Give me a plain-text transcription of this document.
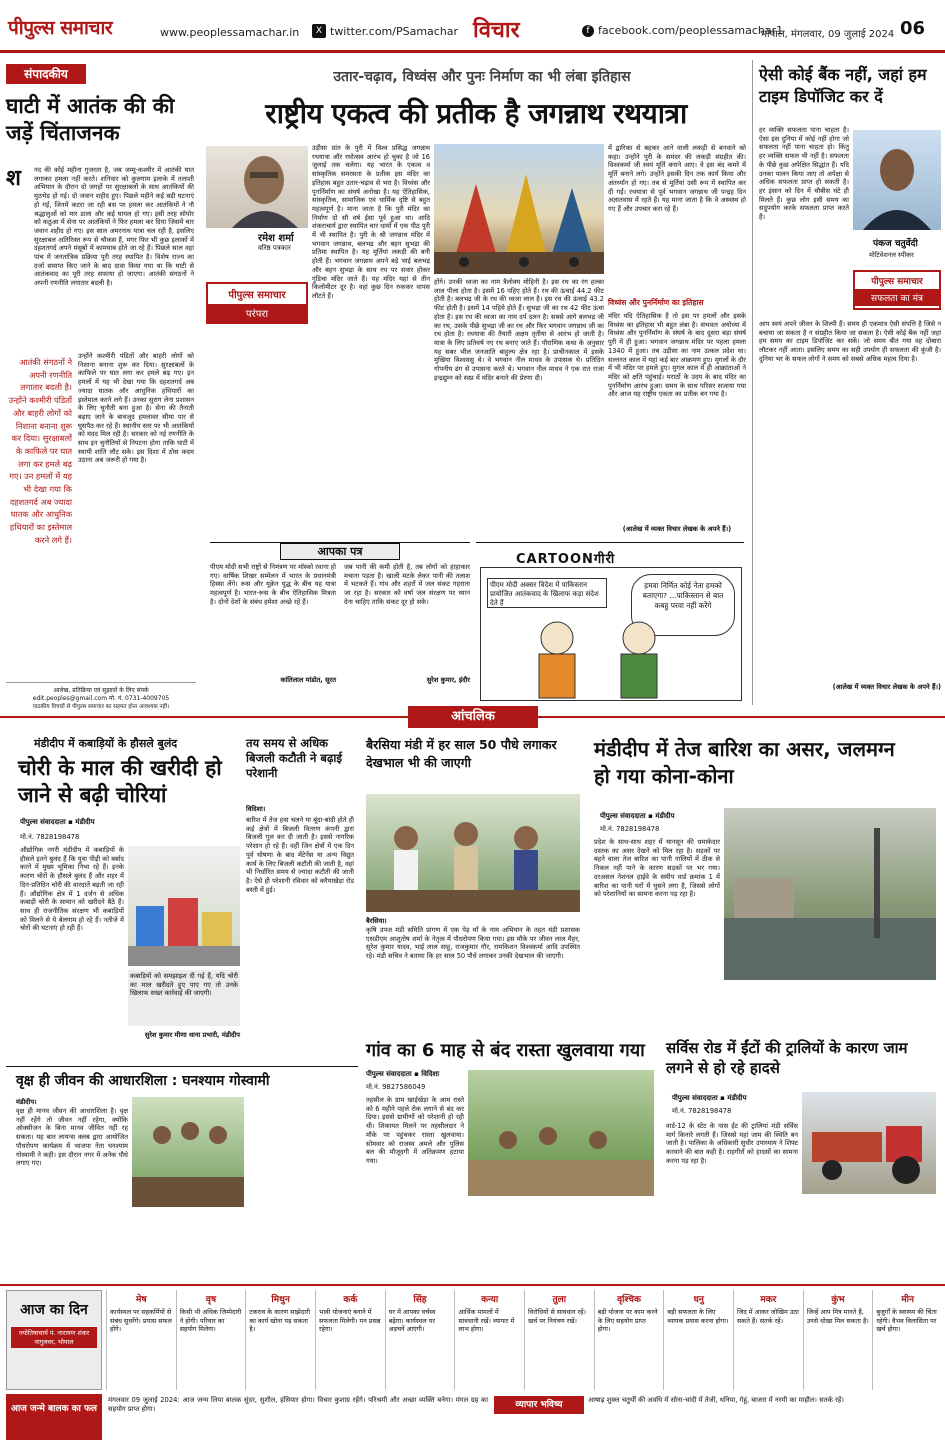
पीपुल्स समाचार	www.peoplessamachar.in	X twitter.com/PSamachar विचार	f facebook.com/peoplessamachar1
भोपाल, मंगलवार, 09 जुलाई 2024 06
संपादकीय
घाटी में आतंक की की जड़ें चिंताजनक
श नद की कोई महीना गुजरता है, जब जम्मू-कश्मीर में आतंकी घात लगाकर हमला नहीं करते। शनिवार को कुलगाम इलाके में तलाशी अभियान के दौरान दो जगहों पर सुरक्षाबलों के साथ आतंकियों की मुठभेड़ हो गई। दो जवान शहीद हुए। पिछले महीने कई बड़ी घटनाएं हो गईं, जिनमें कटरा जा रही बस पर हमला कर आतंकियों ने नौ श्रद्धालुओं को मार डाला और कई घायल हो गए। इसी तरह सोपोर को कठुआ में सेना पर आतंकियों ने फिर हमला कर दिया जिसमें चार जवान शहीद हो गए। इस साल अमरनाथ यात्रा चल रही है, इसलिए सुरक्षाबल अतिरिक्त रूप से चौकस हैं, मगर फिर भी कुछ इलाकों में दहशतगर्द अपने मंसूबों में कामयाब होते जा रहे हैं। पिछले साल वहां पांच में जनतांत्रिक प्रक्रिया पूरी तरह स्थापित है। विशेष राज्य का दर्जा समाप्त किए जाने के बाद दावा किया गया था कि घाटी से आतंकवाद का पूरी तरह सफाया हो जाएगा। आतंकी संगठनों ने अपनी रणनीति लगातार बदली है।
आतंकी संगठनों ने अपनी रणनीति लगातार बदली है। उन्होंने कश्मीरी पंडितों और बाहरी लोगों को निशाना बनाना शुरू कर दिया। सुरक्षाबलों के काफिले पर घात लगा कर हमले बढ़ गए। उन हमलों में यह भी देखा गया कि दहशतगर्द अब ज्यादा घातक और आधुनिक हथियारों का इस्तेमाल करने लगे हैं।
उन्होंने कश्मीरी पंडितों और बाहरी लोगों को निशाना बनाना शुरू कर दिया। सुरक्षाबलों के काफिले पर घात लगा कर हमले बढ़ गए। इन हमलों में यह भी देखा गया कि दहशतगर्द अब ज्यादा घातक और आधुनिक हथियारों का इस्तेमाल करने लगे हैं। उनका सुराग लेना प्रशासन के लिए चुनौती बना हुआ है। सेना की तैनाती बढ़ाए जाने के बावजूद हमलावर सीमा पार से घुसपैठ कर रहे हैं। स्थानीय स्तर पर भी आतंकियों को मदद मिल रही है। सरकार को नई रणनीति के साथ इन चुनौतियों से निपटना होगा ताकि घाटी में स्थायी शांति लौट सके। इस दिशा में ठोस कदम उठाना अब जरूरी हो गया है।
आलेख, प्रतिक्रिया एवं सुझावों के लिए संपर्क
edit.peoples@gmail.com मो. नं. 0731-4009705
पाठकीय विचारों से पीपुल्स समाचार का सहमत होना आवश्यक नहीं।
उतार-चढ़ाव, विध्वंस और पुनः निर्माण का भी लंबा इतिहास
राष्ट्रीय एकत्व की प्रतीक है जगन्नाथ रथयात्रा
रमेश शर्मा
वरिष्ठ पत्रकार
पीपुल्स समाचार
परंपरा
उड़ीसा प्रांत के पुरी में विश्व प्रसिद्ध जगन्नाथ रथयात्रा और रथोत्सव आरंभ हो चुका है जो 16 जुलाई तक चलेगा। यह भारत के एकत्व व सांस्कृतिक समरसता के प्रतीक इस मंदिर का इतिहास बहुत उतार-चढ़ाव से भरा है। विध्वंस और पुनर्निर्माण का संघर्ष अनोखा है। यह ऐतिहासिक, सांस्कृतिक, सामाजिक एवं धार्मिक दृष्टि से बहुत महत्वपूर्ण है। माना जाता है कि पुरी मंदिर का निर्माण दो सौ वर्ष ईसा पूर्व हुआ था। आदि शंकराचार्य द्वारा स्थापित चार धामों में एक पीठ पुरी में भी स्थापित है। पुरी के श्री जगन्नाथ मंदिर में भगवान जगन्नाथ, बलभद्र और बहन सुभद्रा की प्रतिमा स्थापित है। यह मूर्तियां लकड़ी की बनी होती हैं। भगवान जगन्नाथ अपने बड़े भाई बलभद्र और बहन सुभद्रा के साथ रथ पर सवार होकर गुंडिचा मंदिर जाते हैं। यह मंदिर यहां से तीन किलोमीटर दूर है। वहां कुछ दिन रुककर वापस लौटते हैं।
होंगे। उनकी ध्वजा का नाम त्रैलोक्य मोहिनी है। इस रथ का रंग हल्का लाल पीला होता है। इसमें 16 पहिए होते हैं। रथ की ऊंचाई 44.2 फीट होती है। बलभद्र जी के रथ की ध्वजा लाल है। इस रथ की ऊंचाई 43.2 फीट होती है। इसमें 14 पहिये होते हैं। सुभद्रा जी का रथ 42 फीट ऊंचा होता है। इस रथ की ध्वजा का नाम दर्प दलन है। सबसे आगे बलभद्र जी का रथ, उसके पीछे सुभद्रा जी का रथ और फिर भगवान जगन्नाथ जी का रथ होता है। रथयात्रा की तैयारी अक्षय तृतीया से आरंभ हो जाती है। यात्रा के लिए प्रतिवर्ष नए रथ बनाए जाते हैं। पौराणिक कथा के अनुसार यह सबर भील जनजाति बाहुल्य क्षेत्र रहा है। प्राचीनकाल में इसके मुखिया विश्ववसु थे। वे भगवान नील माधव के उपासक थे। प्रतिदिन गोपनीय ढंग से उपासना करते थे। भगवान नील माधव ने एक रात राजा इन्द्रद्युम्न को स्वप्न में मंदिर बनाने की प्रेरणा दी।
में द्वारिका से बहकर आने वाली लकड़ी से बनवाने को कहा। उन्होंने पुरी के समंदर की लकड़ी संग्रहीत की। विश्वकर्मा जी स्वयं मूर्ति बनाने आए। वे इस बंद कमरे में मूर्ति बनाने लगे। उन्होंने इसकी दिन तक कार्य किया और अंतर्ध्यान हो गए। तब से मूर्तियां उसी रूप में स्थापित कर दी गईं। रथयात्रा से पूर्व भगवान जगन्नाथ जी पन्द्रह दिन अज्ञातवास में रहते हैं। यह माना जाता है कि वे अस्वस्थ हो गए हैं और उपचार करा रहे हैं।
विध्वंस और पुनर्निर्माण का इतिहास
मंदिर यदि ऐतिहासिक है तो इस पर हमलों और इसके विध्वंस का इतिहास भी बहुत लंबा है। संभवतः अयोध्या में विध्वंस और पुनर्निर्माण के संघर्ष के बाद दूसरा बड़ा संघर्ष पुरी में ही हुआ। भगवान जगन्नाथ मंदिर पर पहला हमला 1340 में हुआ। तब उड़ीसा का नाम उत्कल प्रदेश था। सल्तनत काल में यहां कई बार आक्रमण हुए। मुगलों के दौर में भी मंदिर पर हमले हुए। मुगल काल में ही आक्रांताओं ने मंदिर को क्षति पहुंचाई। मराठों के उदय के बाद मंदिर का पुनर्निर्माण आरंभ हुआ। समय के साथ परिसर सजाया गया और आज यह राष्ट्रीय एकता का प्रतीक बन गया है।
(आलेख में व्यक्त विचार लेखक के अपने हैं।)
आपका पत्र
पीएम मोदी सभी राष्ट्रों से निमंत्रण पर मॉस्को रवाना हो गए। वार्षिक शिखर सम्मेलन में भारत के प्रधानमंत्री हिस्सा लेंगे। रूस और यूक्रेन युद्ध के बीच यह यात्रा महत्वपूर्ण है। भारत-रूस के बीच ऐतिहासिक मित्रता है। दोनों देशों के संबंध हमेशा अच्छे रहे हैं।
कांतिलाल मांडोत, सूरत
जब पानी की कमी होती है, तब लोगों को हाहाकार मचाना पड़ता है। खाली मटके लेकर पानी की तलाश में भटकते हैं। गांव और शहरों में जल संकट गहराता जा रहा है। सरकार को वर्षा जल संरक्षण पर ध्यान देना चाहिए ताकि संकट दूर हो सके।
सुरेश कुमार, इंदौर
CARTOONगीरी
पीएम मोदी अक्सर विदेश में पाकिस्तान प्रायोजित आतंकवाद के खिलाफ कड़ा संदेश देते हैं
हमवा निर्मित कोई नेता हमको बताएगा? ...पाकिस्तान से बात कबहु परवा नहीं करेंगे
ऐसी कोई बैंक नहीं, जहां हम टाइम डिपॉजिट कर दें
हर व्यक्ति सफलता पाना चाहता है। ऐसा इस दुनिया में कोई नहीं होगा जो सफलता नहीं पाना चाहता हो। किंतु हर व्यक्ति सफल भी नहीं है। सफलता के पीछे कुछ अपेक्षित सिद्धांत हैं। यदि उनका पालन किया जाए तो अपेक्षा से अधिक सफलता प्राप्त हो सकती है। हर इंसान को दिन में चौबीस घंटे ही मिलते हैं। कुछ लोग इसी समय का सदुपयोग करके सफलता प्राप्त करते हैं।
पंकज चतुर्वेदी
मोटिवेशनल स्पीकर
पीपुल्स समाचार
सफलता का मंत्र
आप स्वयं अपने जीवन के शिल्पी हैं। समय ही एकमात्र ऐसी संपत्ति है जिसे न बचाया जा सकता है न संग्रहीत किया जा सकता है। ऐसी कोई बैंक नहीं जहां हम समय का टाइम डिपॉजिट कर सकें। जो समय बीत गया वह दोबारा लौटकर नहीं आता। इसलिए समय का सही उपयोग ही सफलता की कुंजी है। दुनिया भर के सफल लोगों ने समय को सबसे अधिक महत्व दिया है।
(आलेख में व्यक्त विचार लेखक के अपने हैं।)
आंचलिक
मंडीदीप में कबाड़ियों के हौसले बुलंद
चोरी के माल की खरीदी हो जाने से बढ़ी चोरियां
पीपुल्स संवाददाता ▪ मंडीदीप
मो.नं. 7828198478
औद्योगिक नगरी मंडीदीप में कबाड़ियों के हौसले इतने बुलंद हैं कि युवा पीढ़ी को बर्बाद करने में मुख्य भूमिका निभा रहे हैं। इनके कारण चोरों के हौसले बुलंद हैं और शहर में दिन-प्रतिदिन चोरी की वारदातें बढ़ती जा रही हैं। औद्योगिक क्षेत्र में 1 दर्जन से अधिक कबाड़ी चोरी के सामान को खरीदने बैठे हैं। साथ ही राजनीतिक संरक्षण भी कबाड़ियों को मिलने से ये बेलगाम हो रहे हैं। नतीजे में चोरों की घटनाएं हो रही हैं।
कबाड़ियों को समझाइश दी गई हैं, यदि चोरी का माल खरीदते हुए पाए गए तो उनके खिलाफ सख्त कार्रवाई की जाएगी।
सुरेश कुमार मीणा थाना प्रभारी, मंडीदीप
तय समय से अधिक बिजली कटौती ने बढ़ाई परेशानी
विदिशा।
बारिश में तेज हवा चलने या बूंदा-बांदी होते ही कई क्षेत्रों में बिजली वितरण कंपनी द्वारा बिजली गुल कर दी जाती है। इससे नागरिक परेशान हो रहे हैं। वहीं जिन क्षेत्रों में एक दिन पूर्व घोषणा के बाद मेंटेनेंस या अन्य विद्युत कार्य के लिए बिजली कटौती की जाती है, वहां भी निर्धारित समय से ज्यादा कटौती की जाती है। ऐसे ही परेशानी रविवार को करैयाखेड़ा रोड बस्ती में हुई।
बैरसिया मंडी में हर साल 50 पौधे लगाकर देखभाल भी की जाएगी
बैरसिया।
कृषि उपज मंडी समिति प्रांगण में एक पेड़ माँ के नाम अभियान के तहत मंडी प्रशासक एसडीएम आशुतोष शर्मा के नेतृत्व में पौधरोपण किया गया। इस मौके पर जीवन लाल मैहर, सुरेश कुमार यादव, भाई लाल साहू, राजकुमार गौर, रामकिशन विश्वकर्मा आदि उपस्थित रहे। मंडी सचिव ने बताया कि हर साल 50 पौधे लगाकर उनकी देखभाल की जाएगी।
मंडीदीप में तेज बारिश का असर, जलमग्न हो गया कोना-कोना
पीपुल्स संवाददाता ▪ मंडीदीप
मो.नं. 7828198478
प्रदेश के साथ-साथ शहर में मानसून की धमाकेदार दस्तक का असर देखने को मिल रहा है। सड़कों पर बहने वाला तेज बारिश का पानी नालियों में ठीक से निकल नहीं पाने के कारण सड़कों पर भर गया। दरअसल नेशनल हाईवे के समीप वार्ड क्रमांक 1 में बारिश का पानी घरों में घुसने लगा है, जिससे लोगों को परेशानियों का सामना करना पड़ रहा है।
गांव का 6 माह से बंद रास्ता खुलवाया गया
पीपुल्स संवाददाता ▪ विदिशा
मो.नं. 9827586049
तहसील के ग्राम खाईखेड़ा के आम रास्ते को 6 महीने पहले रोक लगाने से बंद कर दिया। इससे ग्रामीणों को परेशानी हो रही थी। शिकायत मिलने पर तहसीलदार ने मौके पर पहुंचकर रास्ता खुलवाया। सोमवार को राजस्व अमले और पुलिस बल की मौजूदगी में अतिक्रमण हटाया गया।
सर्विस रोड में ईंटों की ट्रालियों के कारण जाम लगने से हो रहे हादसे
पीपुल्स संवाददाता ▪ मंडीदीप
मो.नं. 7828198478
वार्ड-12 के स्टेट के पास ईंट की ट्रालियां मंडी सर्विस मार्ग किनारे लगती हैं। जिससे यहां जाम की स्थिति बन जाती है। पालिका के अधिकारी सुधीर उपाध्याय ने शिफ्ट करवाने की बात कही है। राहगीरों को हादसों का सामना करना पड़ रहा है।
वृक्ष ही जीवन की आधारशिला : घनश्याम गोस्वामी
मंडीदीप।
वृक्ष ही मानव जीवन की आधारशिला है। वृक्ष नहीं रहेंगे तो जीवन नहीं रहेगा, क्योंकि ऑक्सीजन के बिना मानव जीवित नहीं रह सकता। यह बात लायन्स क्लब द्वारा आयोजित पौधरोपण कार्यक्रम में भाजपा नेता घनश्याम गोस्वामी ने कही। इस दौरान नगर में अनेक पौधे लगाए गए।
आज का दिन
ज्योतिषाचार्य पं. नारायण शंकर नागुलवर, भोपाल
मेष
कार्यस्थल पर सहकर्मियों से संबंध सुधरेंगे। प्रयास सफल होंगे।
वृष
किसी भी अधिक जिम्मेदारी ने होगी। परिवार का सहयोग मिलेगा।
मिथुन
टकराव के कारण साझेदारी का कार्य खोना पड़ सकता है।
कर्क
भावी योजनाएं बनाने में सफलता मिलेगी। मन प्रसन्न रहेगा।
सिंह
घर में आपका वर्चस्व बढ़ेगा। कार्यस्थल पर अड़चनें आएंगी।
कन्या
आर्थिक मामलों में सावधानी रखें। व्यापार में लाभ होगा।
तुला
विरोधियों से सावधान रहें। खर्च पर नियंत्रण रखें।
वृश्चिक
बड़ी योजना पर काम करने के लिए सहयोग प्राप्त होगा।
धनु
बड़ी सफलता के लिए व्यापक प्रयास करना होगा।
मकर
जिद में आकर जोखिम उठा सकते हैं। सतर्क रहें।
कुंभ
जिन्हें आप मित्र मानते हैं, उनसे धोखा मिल सकता है।
मीन
बुजुर्गों के स्वास्थ्य की चिंता रहेगी। वैभव विलासिता पर खर्च होगा।
आज जन्मे बालक का फल
मंगलवार 09 जुलाई 2024: आज जन्म लिया बालक सुंदर, सुशील, हंसियार होगा। विचार कुशाग्र रहेंगे। परिश्रमी और अच्छा व्यक्ति बनेगा। मंगल ग्रह का सहयोग प्राप्त होगा।	व्यापार भविष्य	आषाढ़ शुक्ल चतुर्थी की अवधि में सोना-चांदी में तेजी, धनिया, गेहूं, बाजरा में नरमी का माहौल। सतर्क रहें।
